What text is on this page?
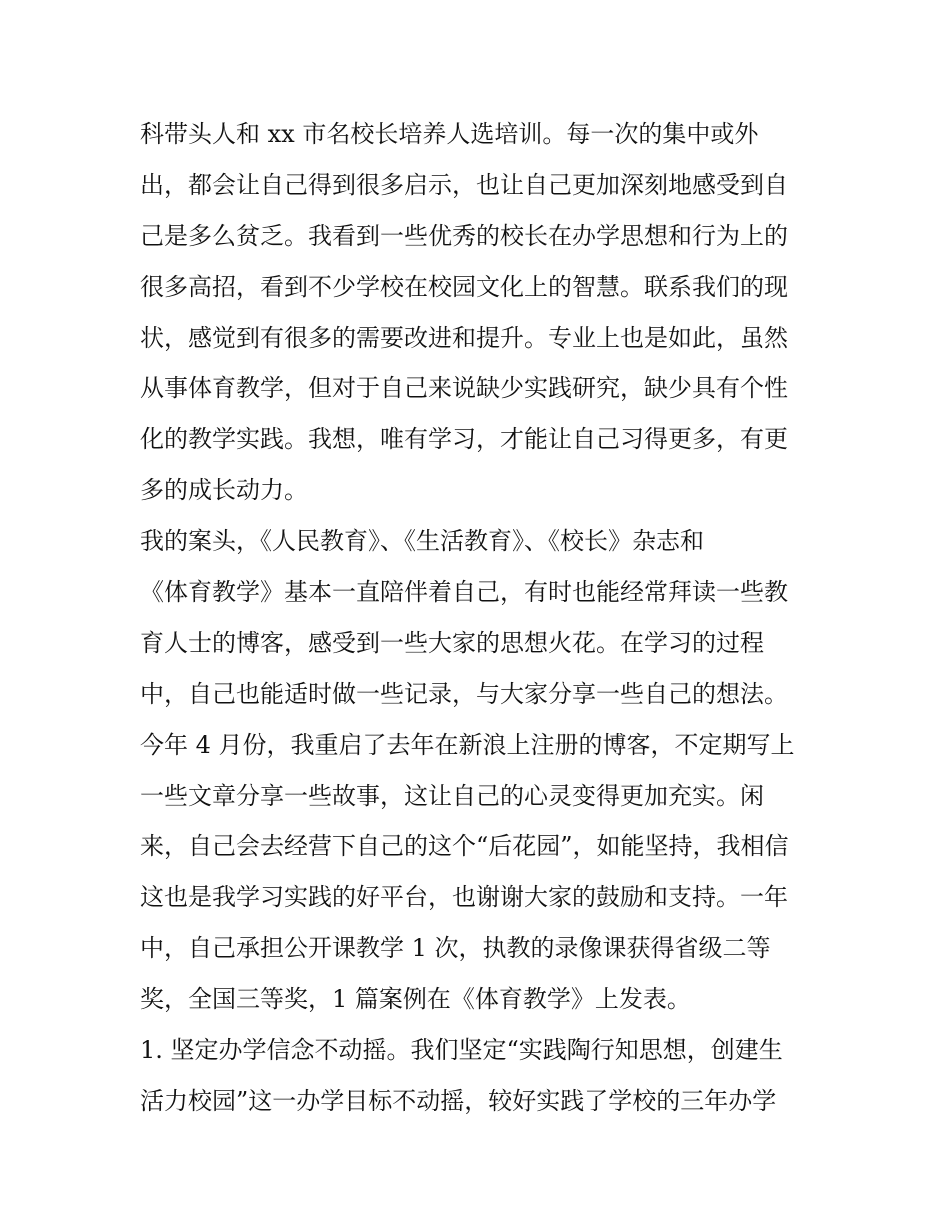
科带头人和 xx 市名校长培养人选培训。每一次的集中或外
出，都会让自己得到很多启示，也让自己更加深刻地感受到自
己是多么贫乏。我看到一些优秀的校长在办学思想和行为上的
很多高招，看到不少学校在校园文化上的智慧。联系我们的现
状，感觉到有很多的需要改进和提升。专业上也是如此，虽然
从事体育教学，但对于自己来说缺少实践研究，缺少具有个性
化的教学实践。我想，唯有学习，才能让自己习得更多，有更
多的成长动力。
我的案头，《人民教育》、《生活教育》、《校长》杂志和
《体育教学》基本一直陪伴着自己，有时也能经常拜读一些教
育人士的博客，感受到一些大家的思想火花。在学习的过程
中，自己也能适时做一些记录，与大家分享一些自己的想法。
今年 4 月份，我重启了去年在新浪上注册的博客，不定期写上
一些文章分享一些故事，这让自己的心灵变得更加充实。闲
来，自己会去经营下自己的这个“后花园”，如能坚持，我相信
这也是我学习实践的好平台，也谢谢大家的鼓励和支持。一年
中，自己承担公开课教学 1 次，执教的录像课获得省级二等
奖，全国三等奖，1 篇案例在《体育教学》上发表。
1. 坚定办学信念不动摇。我们坚定“实践陶行知思想，创建生
活力校园”这一办学目标不动摇，较好实践了学校的三年办学
